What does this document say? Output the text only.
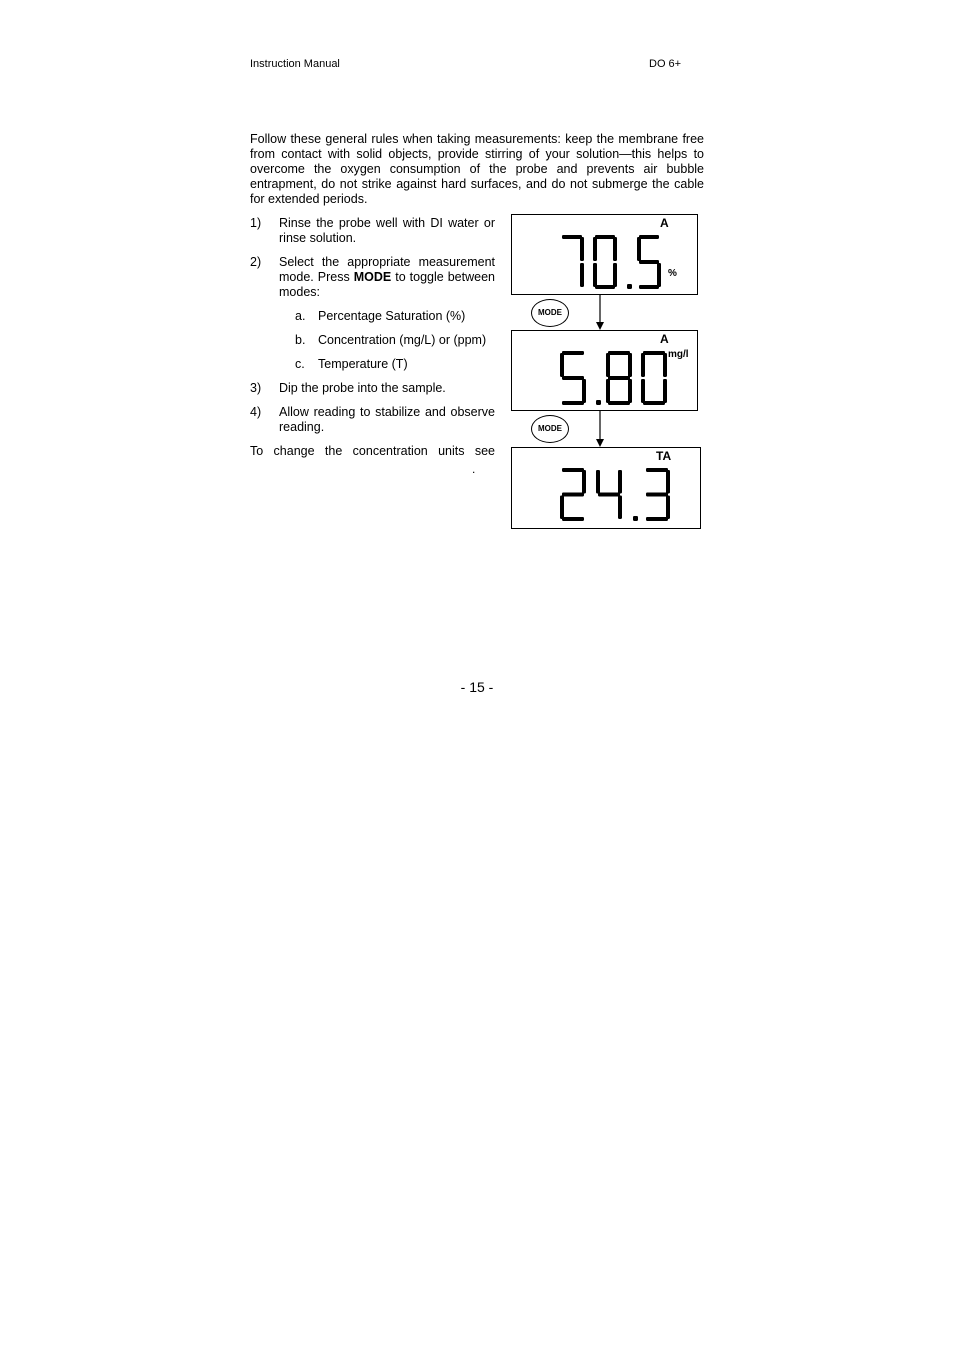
Instruction Manual	DO 6+
Follow these general rules when taking measurements: keep the membrane free from contact with solid objects, provide stirring of your solution—this helps to overcome the oxygen consumption of the probe and prevents air bubble entrapment, do not strike against hard surfaces, and do not submerge the cable for extended periods.
1) Rinse the probe well with DI water or rinse solution.
2) Select the appropriate measurement mode. Press MODE to toggle between modes:
a. Percentage Saturation (%)
b. Concentration (mg/L) or (ppm)
c. Temperature (T)
3) Dip the probe into the sample.
4) Allow reading to stabilize and observe reading.
To change the concentration units see
.
A
%
MODE
A
mg/l
MODE
TA
- 15 -
